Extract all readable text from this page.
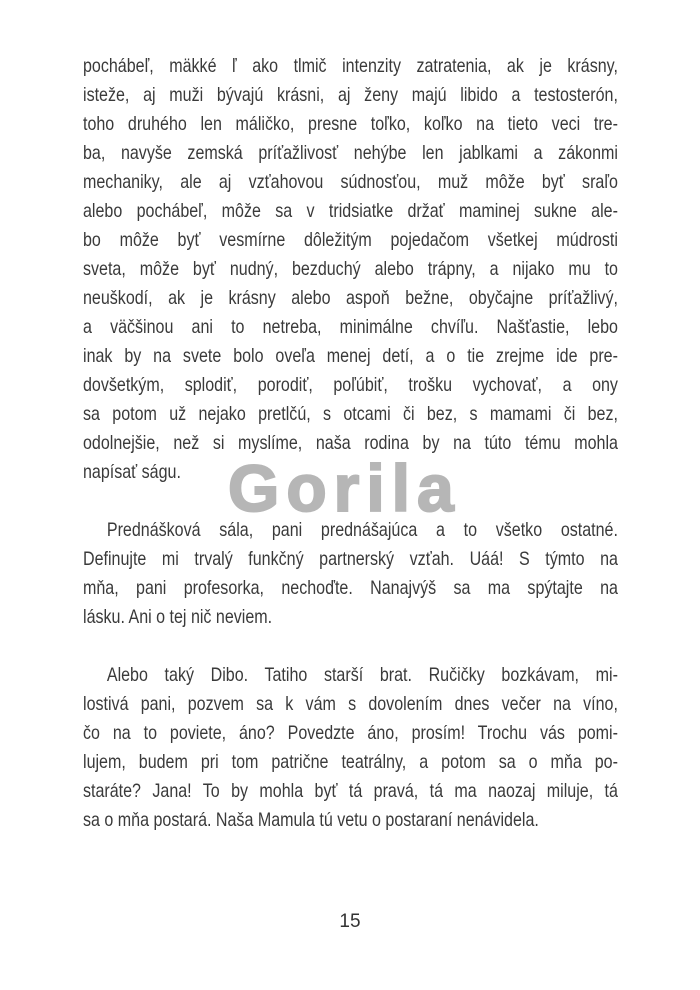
Gorila
pochábeľ, mäkké ľ ako tlmič intenzity zatratenia, ak je krásny,
isteže, aj muži bývajú krásni, aj ženy majú libido a testosterón,
toho druhého len máličko, presne toľko, koľko na tieto veci tre-
ba, navyše zemská príťažlivosť nehýbe len jablkami a zákonmi
mechaniky, ale aj vzťahovou súdnosťou, muž môže byť sraľo
alebo pochábeľ, môže sa v tridsiatke držať maminej sukne ale-
bo môže byť vesmírne dôležitým pojedačom všetkej múdrosti
sveta, môže byť nudný, bezduchý alebo trápny, a nijako mu to
neuškodí, ak je krásny alebo aspoň bežne, obyčajne príťažlivý,
a väčšinou ani to netreba, minimálne chvíľu. Našťastie, lebo
inak by na svete bolo oveľa menej detí, a o tie zrejme ide pre-
dovšetkým, splodiť, porodiť, poľúbiť, trošku vychovať, a ony
sa potom už nejako pretlčú, s otcami či bez, s mamami či bez,
odolnejšie, než si myslíme, naša rodina by na túto tému mohla
napísať ságu.
Prednášková sála, pani prednášajúca a to všetko ostatné.
Definujte mi trvalý funkčný partnerský vzťah. Uáá! S týmto na
mňa, pani profesorka, nechoďte. Nanajvýš sa ma spýtajte na
lásku. Ani o tej nič neviem.
Alebo taký Dibo. Tatiho starší brat. Ručičky bozkávam, mi-
lostivá pani, pozvem sa k vám s dovolením dnes večer na víno,
čo na to poviete, áno? Povedzte áno, prosím! Trochu vás pomi-
lujem, budem pri tom patrične teatrálny, a potom sa o mňa po-
staráte? Jana! To by mohla byť tá pravá, tá ma naozaj miluje, tá
sa o mňa postará. Naša Mamula tú vetu o postaraní nenávidela.
15
